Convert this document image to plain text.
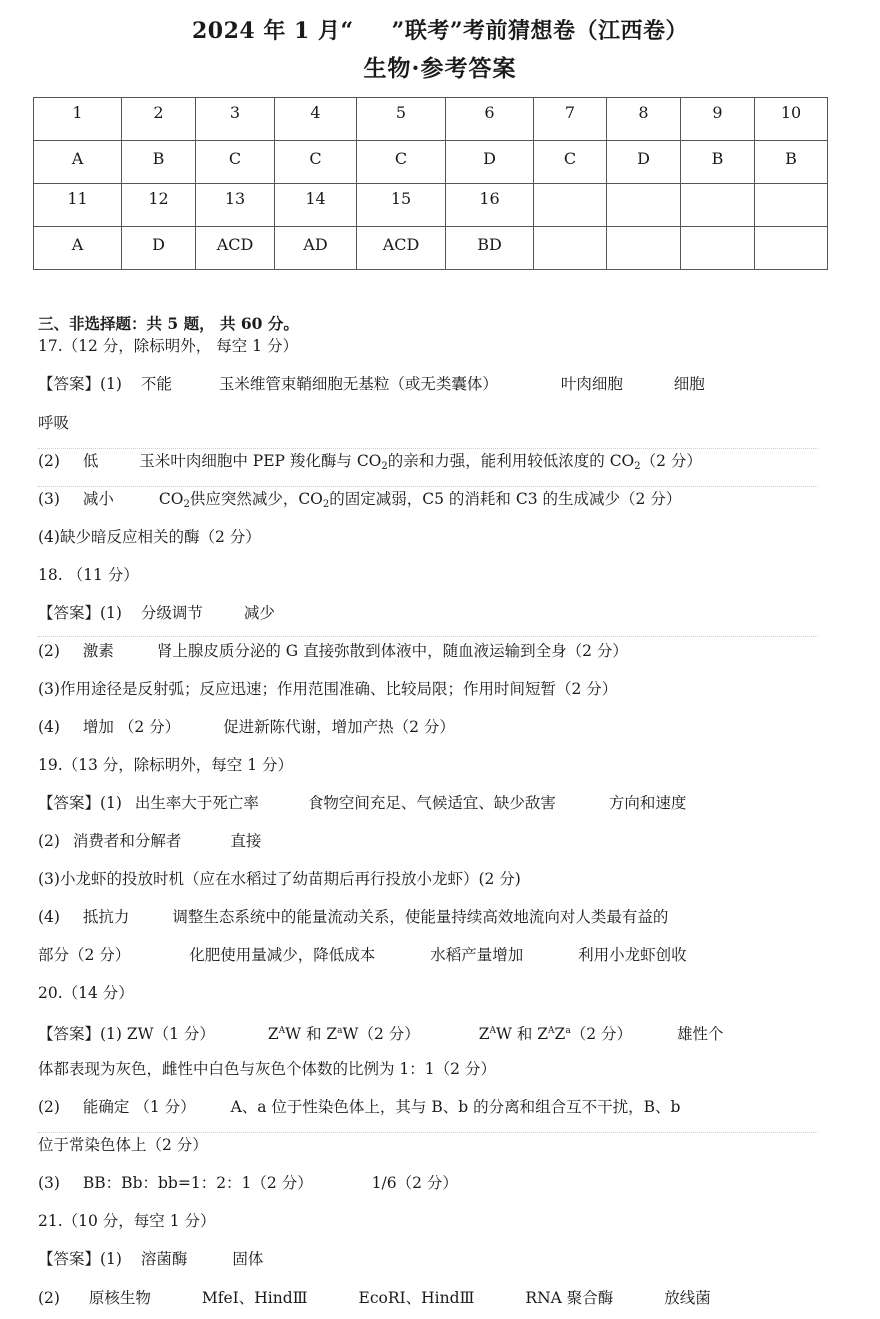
2024 年 1 月“ ”联考”考前猜想卷（江西卷）
生物·参考答案
1	2	3	4	5	6	7	8	9	10
A	B	C	C	C	D	C	D	B	B
11	12	13	14	15	16				
A	D	ACD	AD	ACD	BD				
三、非选择题：共 5 题， 共 60 分。
17.（12 分，除标明外， 每空 1 分）
【答案】(1) 不能	玉米维管束鞘细胞无基粒（或无类囊体）	叶肉细胞	细胞
呼吸
(2) 低	玉米叶肉细胞中 PEP 羧化酶与 $CO_2$的亲和力强，能利用较低浓度的 $CO_2(2$ 分）
(3) 减小	$CO_2$供应突然减少，$CO_2$的固定减弱，C5 的消耗和 C3 的生成减少（2 分）
(4)缺少暗反应相关的酶（2 分）
18. （11 分）
【答案】(1) 分级调节	减少
(2) 激素	肾上腺皮质分泌的 G 直接弥散到体液中，随血液运输到全身（2 分）
(3)作用途径是反射弧；反应迅速；作用范围准确、比较局限；作用时间短暂（2 分）
(4) 增加 （2 分）	促进新陈代谢，增加产热（2 分）
19.（13 分，除标明外，每空 1 分）
【答案】(1) 出生率大于死亡率	食物空间充足、气候适宜、缺少敌害	方向和速度
(2) 消费者和分解者	直接
(3)小龙虾的投放时机（应在水稻过了幼苗期后再行投放小龙虾）(2 分)
(4) 抵抗力	调整生态系统中的能量流动关系，使能量持续高效地流向对人类最有益的
部分（2 分）	化肥使用量减少，降低成本	水稻产量增加	利用小龙虾创收
20.（14 分）
【答案】(1) ZW（1 分）	$Z^AW$ 和 $Z^aW(2$ 分）	$Z^AW$ 和 $Z^AZ^a(2$ 分）	雄性个
体都表现为灰色，雌性中白色与灰色个体数的比例为 1：1（2 分）
(2) 能确定 （1 分） A、a 位于性染色体上，其与 B、b 的分离和组合互不干扰，B、b
位于常染色体上（2 分）
(3) BB：Bb：bb=1：2：1（2 分）	1/6（2 分）
21.（10 分，每空 1 分）
【答案】(1) 溶菌酶	固体
(2) 原核生物	MfeI、HindⅢ	EcoRI、HindⅢ	RNA 聚合酶	放线菌
